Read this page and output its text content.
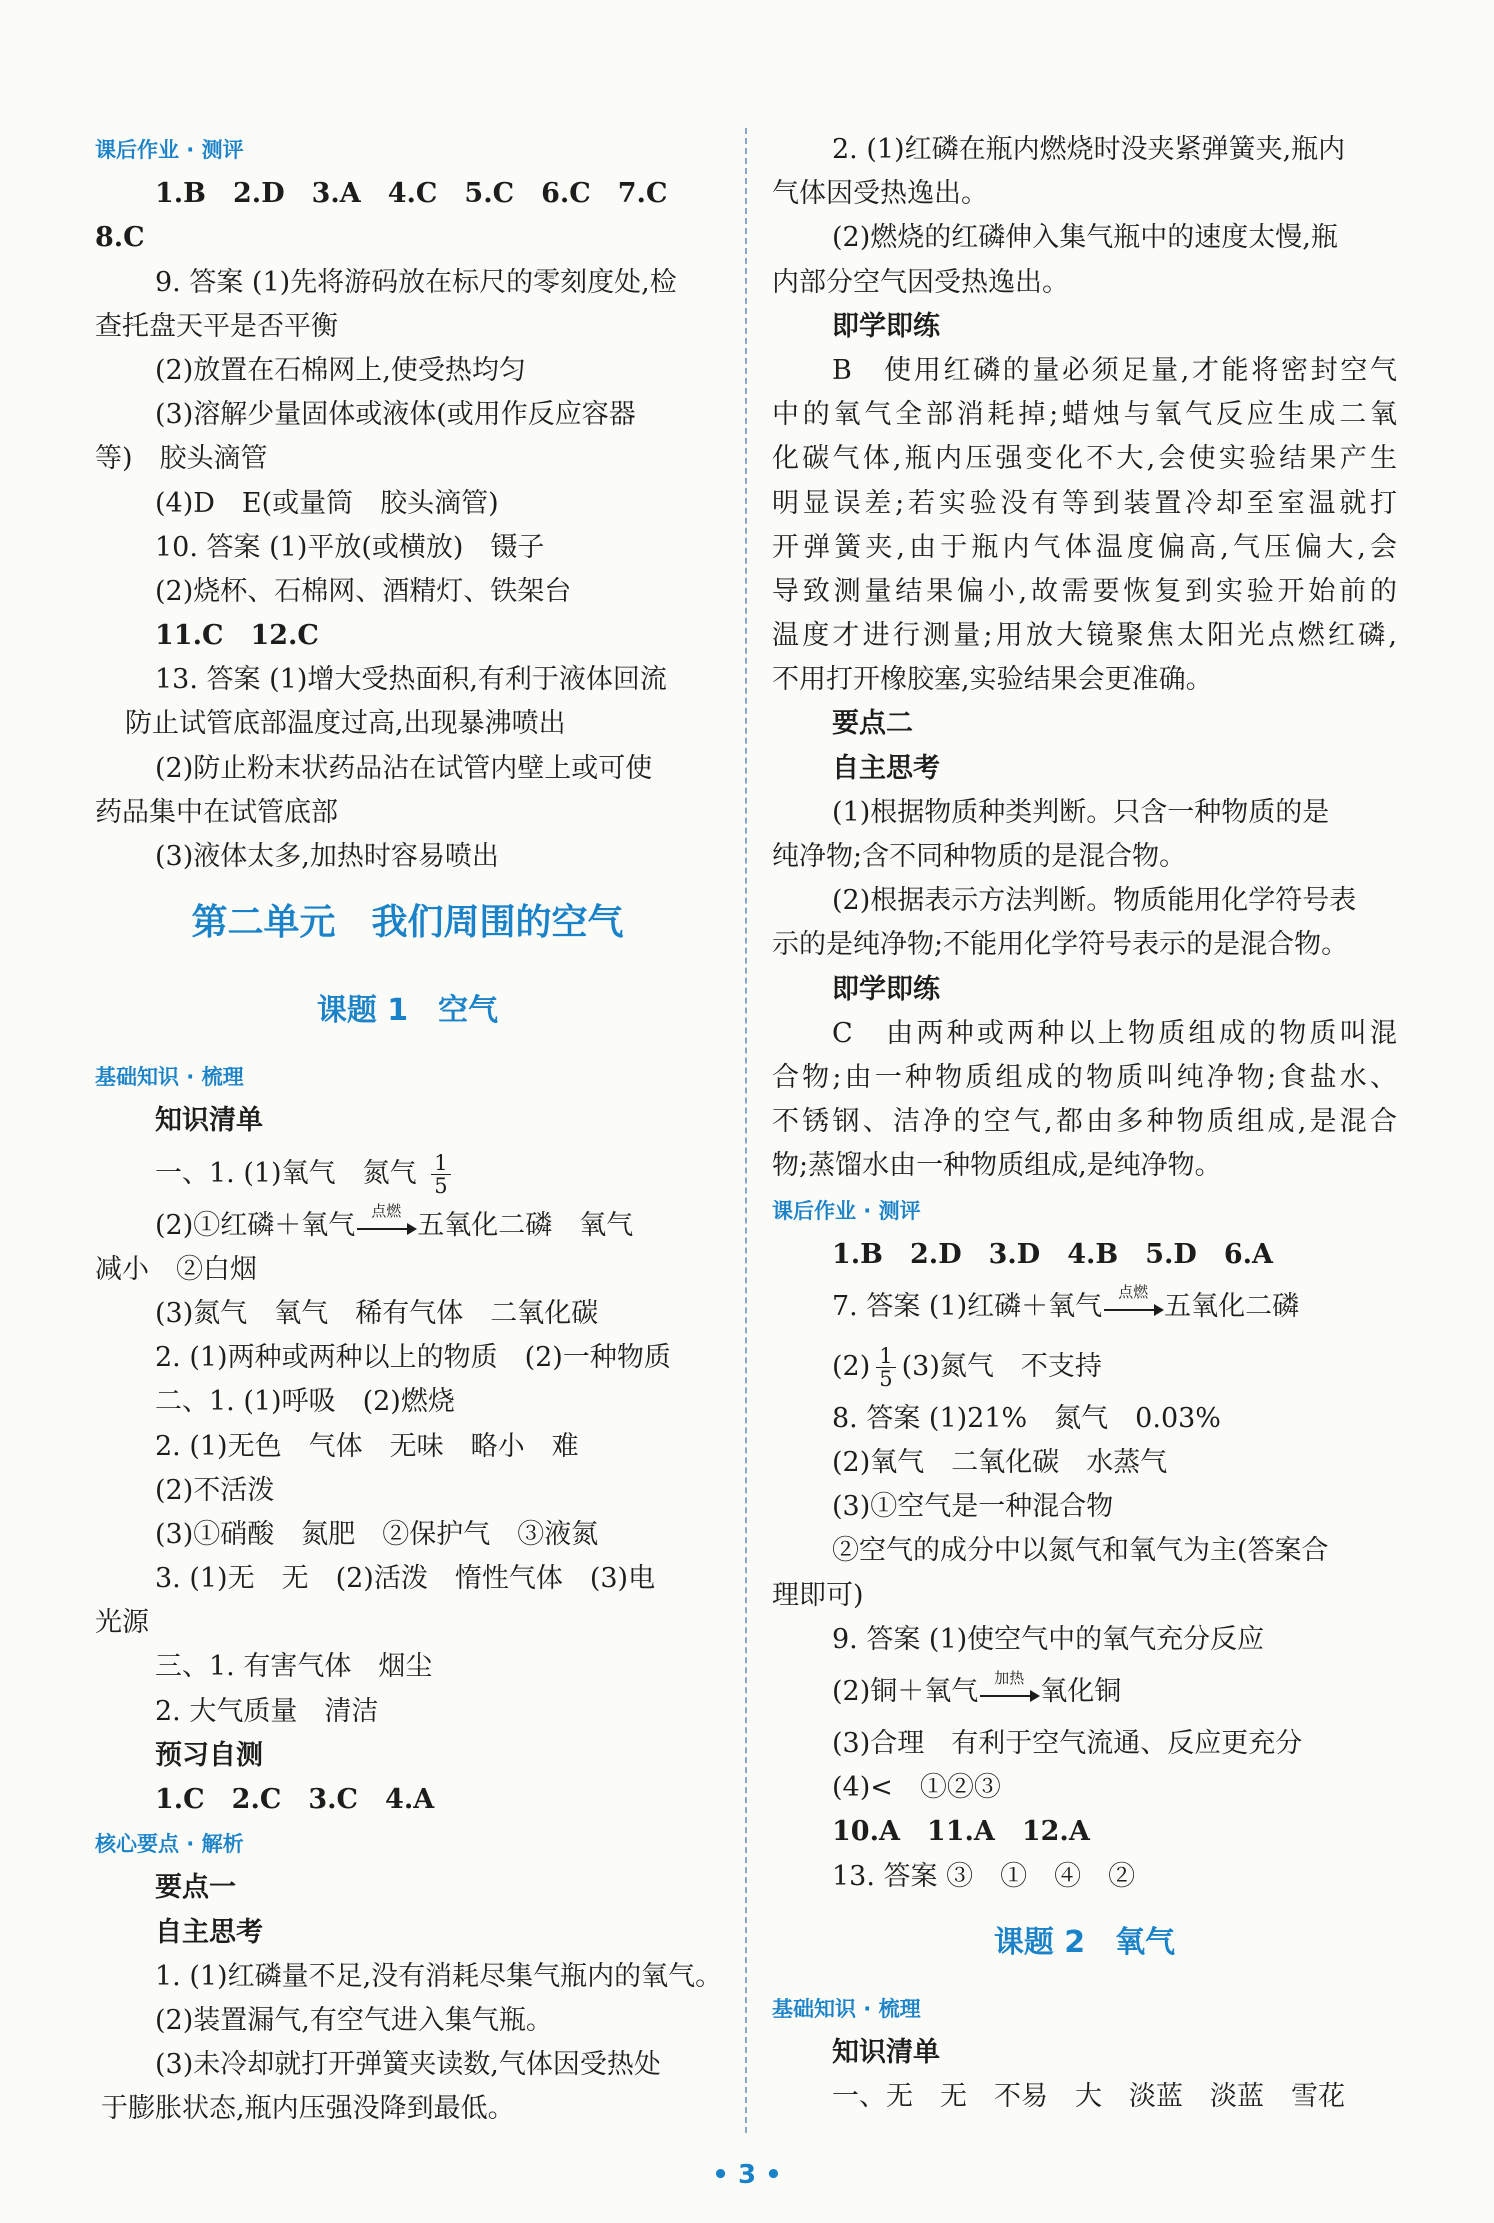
课后作业 · 测评
1.B　2.D　3.A　4.C　5.C　6.C　7.C
8.C
9. 答案 (1)先将游码放在标尺的零刻度处,检
查托盘天平是否平衡
(2)放置在石棉网上,使受热均匀
(3)溶解少量固体或液体(或用作反应容器
等)　胶头滴管
(4)D　E(或量筒　胶头滴管)
10. 答案 (1)平放(或横放)　镊子
(2)烧杯、石棉网、酒精灯、铁架台
11.C　12.C
13. 答案 (1)增大受热面积,有利于液体回流
防止试管底部温度过高,出现暴沸喷出
(2)防止粉末状药品沾在试管内壁上或可使
药品集中在试管底部
(3)液体太多,加热时容易喷出
第二单元　我们周围的空气
课题 1　空气
基础知识 · 梳理
知识清单
一、1. (1)氧气　氮气 $\frac{1}{5}$
(2)①红磷＋氧气	点燃 五氧化二磷　氧气
减小　②白烟
(3)氮气　氧气　稀有气体　二氧化碳
2. (1)两种或两种以上的物质　(2)一种物质
二、1. (1)呼吸　(2)燃烧
2. (1)无色　气体　无味　略小　难
(2)不活泼
(3)①硝酸　氮肥　②保护气　③液氮
3. (1)无　无　(2)活泼　惰性气体　(3)电
光源
三、1. 有害气体　烟尘
2. 大气质量　清洁
预习自测
1.C　2.C　3.C　4.A
核心要点 · 解析
要点一
自主思考
1. (1)红磷量不足,没有消耗尽集气瓶内的氧气。
(2)装置漏气,有空气进入集气瓶。
(3)未冷却就打开弹簧夹读数,气体因受热处
于膨胀状态,瓶内压强没降到最低。
2. (1)红磷在瓶内燃烧时没夹紧弹簧夹,瓶内
气体因受热逸出。
(2)燃烧的红磷伸入集气瓶中的速度太慢,瓶
内部分空气因受热逸出。
即学即练
B　使用红磷的量必须足量,才能将密封空气
中的氧气全部消耗掉;蜡烛与氧气反应生成二氧
化碳气体,瓶内压强变化不大,会使实验结果产生
明显误差;若实验没有等到装置冷却至室温就打
开弹簧夹,由于瓶内气体温度偏高,气压偏大,会
导致测量结果偏小,故需要恢复到实验开始前的
温度才进行测量;用放大镜聚焦太阳光点燃红磷,
不用打开橡胶塞,实验结果会更准确。
要点二
自主思考
(1)根据物质种类判断。只含一种物质的是
纯净物;含不同种物质的是混合物。
(2)根据表示方法判断。物质能用化学符号表
示的是纯净物;不能用化学符号表示的是混合物。
即学即练
C　由两种或两种以上物质组成的物质叫混
合物;由一种物质组成的物质叫纯净物;食盐水、
不锈钢、洁净的空气,都由多种物质组成,是混合
物;蒸馏水由一种物质组成,是纯净物。
课后作业 · 测评
1.B　2.D　3.D　4.B　5.D　6.A
7. 答案 (1)红磷＋氧气	点燃 五氧化二磷
$(2) \frac{1}{5} (3)$氮气　不支持
8. 答案 (1)21%　氮气　0.03%
(2)氧气　二氧化碳　水蒸气
(3)①空气是一种混合物
②空气的成分中以氮气和氧气为主(答案合
理即可)
9. 答案 (1)使空气中的氧气充分反应
(2)铜＋氧气	加热 氧化铜
(3)合理　有利于空气流通、反应更充分
(4)<　①②③
10.A　11.A　12.A
13. 答案 ③　①　④　②
课题 2　氧气
基础知识 · 梳理
知识清单
一、无　无　不易　大　淡蓝　淡蓝　雪花
• 3 •
